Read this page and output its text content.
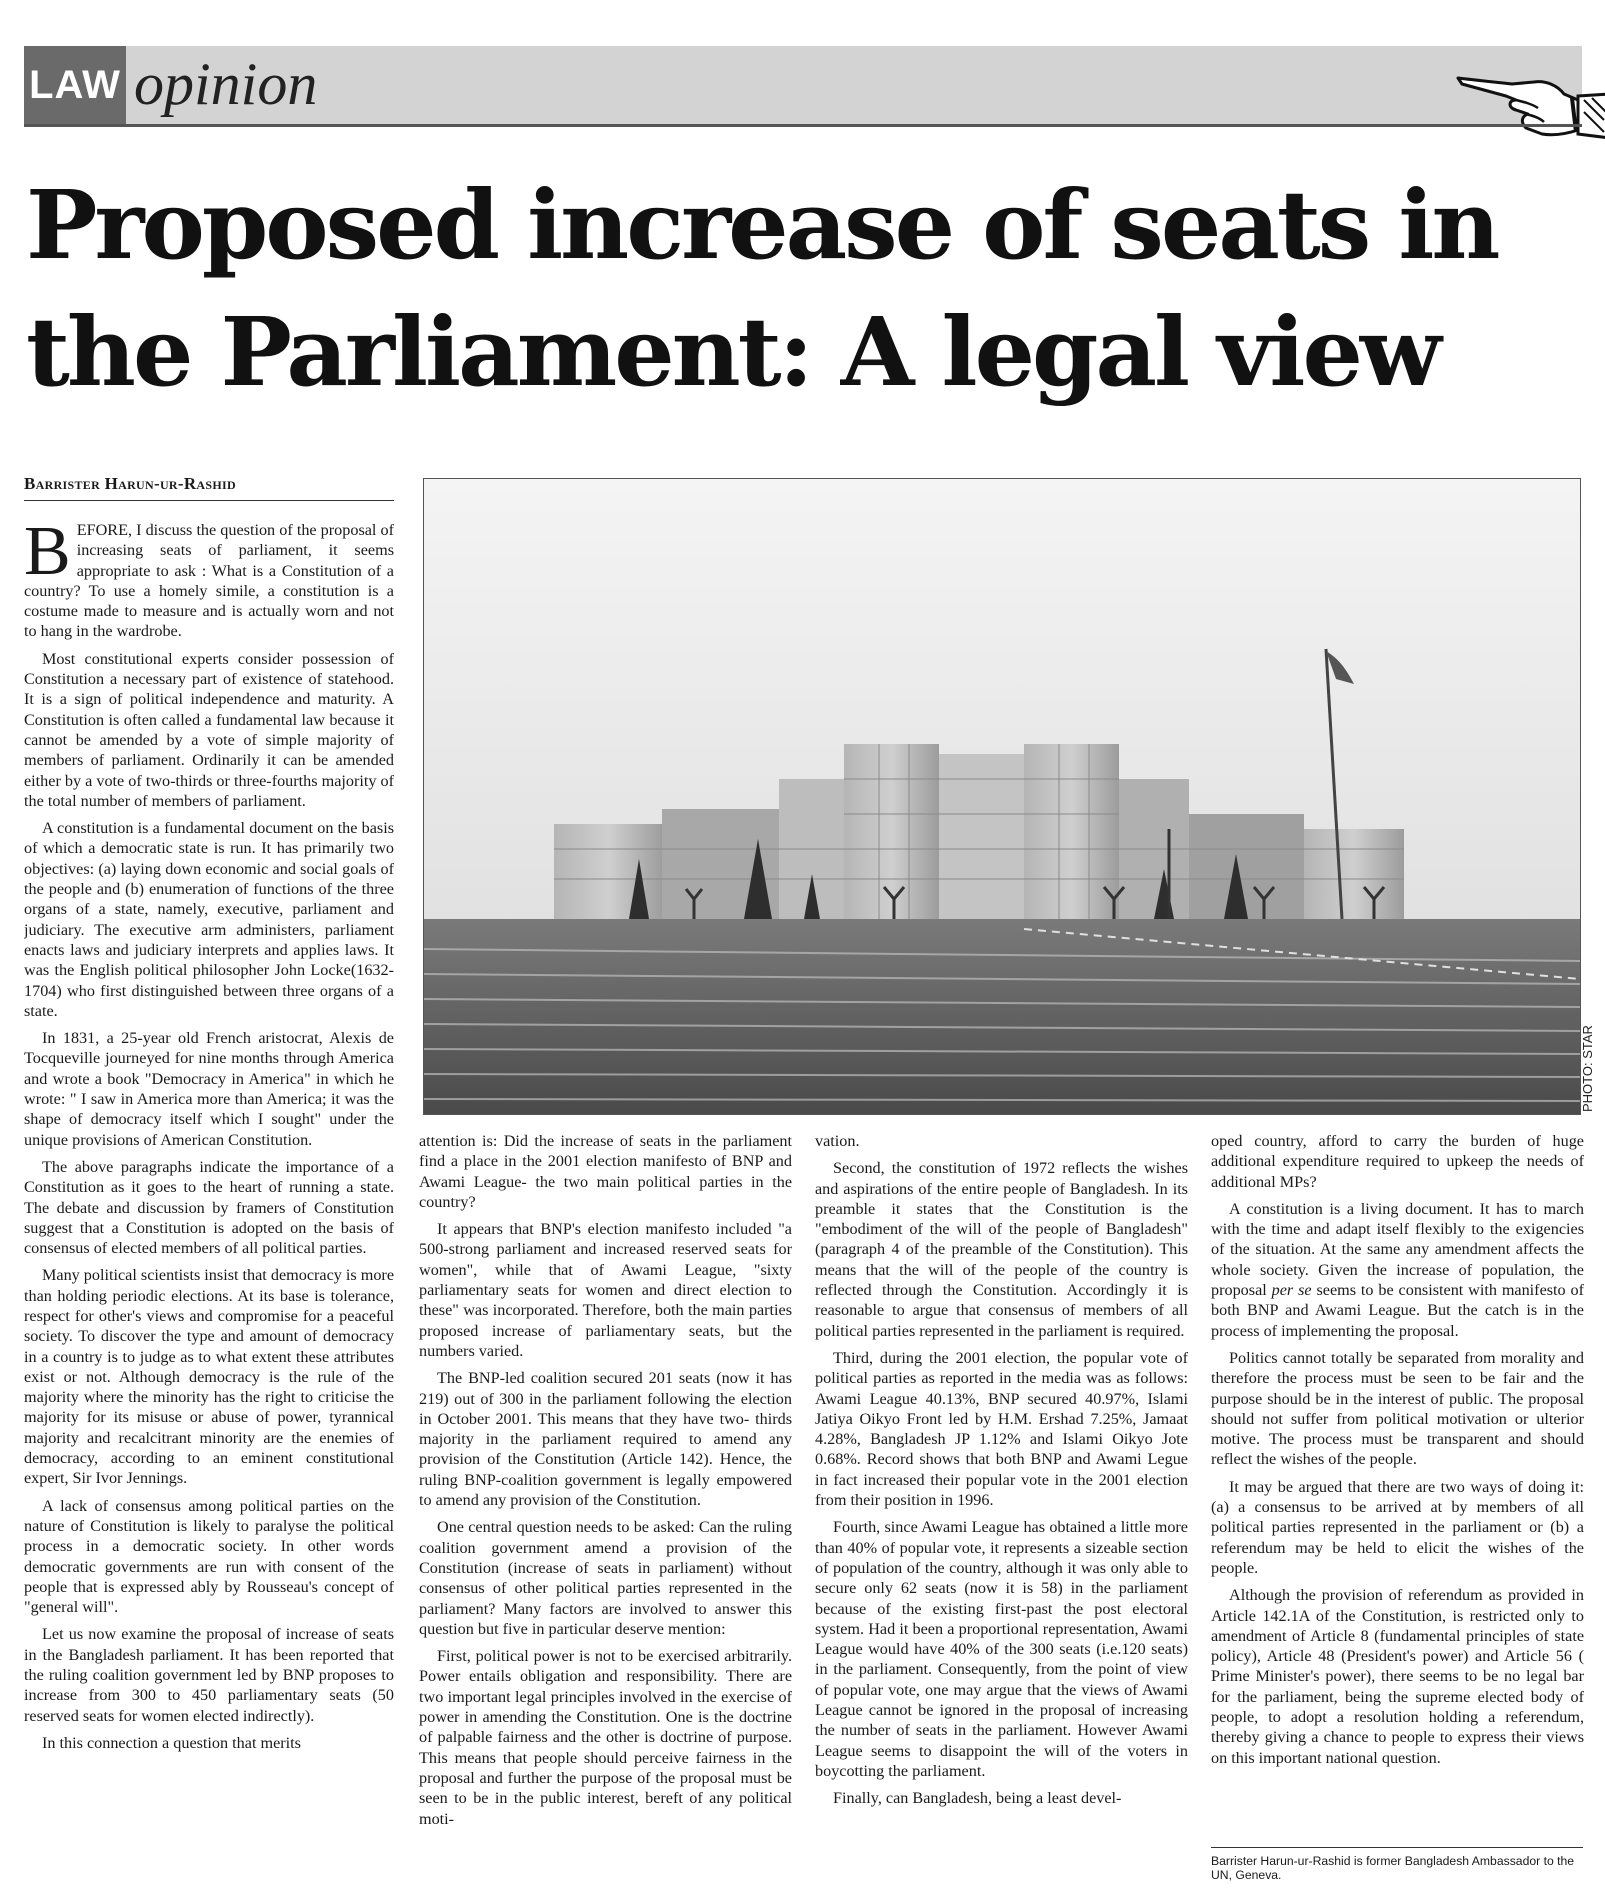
LAW opinion
Proposed increase of seats in the Parliament: A legal view
Barrister Harun-ur-Rashid

BEFORE, I discuss the question of the proposal of increasing seats of parliament, it seems appropriate to ask : What is a Constitution of a country? To use a homely simile, a constitution is a costume made to measure and is actually worn and not to hang in the wardrobe.

Most constitutional experts consider possession of Constitution a necessary part of existence of statehood. It is a sign of political independence and maturity. A Constitution is often called a fundamental law because it cannot be amended by a vote of simple majority of members of parliament. Ordinarily it can be amended either by a vote of two-thirds or three-fourths majority of the total number of members of parliament.

A constitution is a fundamental document on the basis of which a democratic state is run. It has primarily two objectives: (a) laying down economic and social goals of the people and (b) enumeration of functions of the three organs of a state, namely, executive, parliament and judiciary. The executive arm administers, parliament enacts laws and judiciary interprets and applies laws. It was the English political philosopher John Locke(1632-1704) who first distinguished between three organs of a state.

In 1831, a 25-year old French aristocrat, Alexis de Tocqueville journeyed for nine months through America and wrote a book "Democracy in America" in which he wrote: " I saw in America more than America; it was the shape of democracy itself which I sought" under the unique provisions of American Constitution.

The above paragraphs indicate the importance of a Constitution as it goes to the heart of running a state. The debate and discussion by framers of Constitution suggest that a Constitution is adopted on the basis of consensus of elected members of all political parties.

Many political scientists insist that democracy is more than holding periodic elections. At its base is tolerance, respect for other's views and compromise for a peaceful society. To discover the type and amount of democracy in a country is to judge as to what extent these attributes exist or not. Although democracy is the rule of the majority where the minority has the right to criticise the majority for its misuse or abuse of power, tyrannical majority and recalcitrant minority are the enemies of democracy, according to an eminent constitutional expert, Sir Ivor Jennings.

A lack of consensus among political parties on the nature of Constitution is likely to paralyse the political process in a democratic society. In other words democratic governments are run with consent of the people that is expressed ably by Rousseau's concept of "general will".

Let us now examine the proposal of increase of seats in the Bangladesh parliament. It has been reported that the ruling coalition government led by BNP proposes to increase from 300 to 450 parliamentary seats (50 reserved seats for women elected indirectly).

In this connection a question that merits

PHOTO: STAR

attention is: Did the increase of seats in the parliament find a place in the 2001 election manifesto of BNP and Awami League- the two main political parties in the country?

It appears that BNP's election manifesto included "a 500-strong parliament and increased reserved seats for women", while that of Awami League, "sixty parliamentary seats for women and direct election to these" was incorporated. Therefore, both the main parties proposed increase of parliamentary seats, but the numbers varied.

The BNP-led coalition secured 201 seats (now it has 219) out of 300 in the parliament following the election in October 2001. This means that they have two- thirds majority in the parliament required to amend any provision of the Constitution (Article 142). Hence, the ruling BNP-coalition government is legally empowered to amend any provision of the Constitution.

One central question needs to be asked: Can the ruling coalition government amend a provision of the Constitution (increase of seats in parliament) without consensus of other political parties represented in the parliament? Many factors are involved to answer this question but five in particular deserve mention:

First, political power is not to be exercised arbitrarily. Power entails obligation and responsibility. There are two important legal principles involved in the exercise of power in amending the Constitution. One is the doctrine of palpable fairness and the other is doctrine of purpose. This means that people should perceive fairness in the proposal and further the purpose of the proposal must be seen to be in the public interest, bereft of any political moti-

vation.

Second, the constitution of 1972 reflects the wishes and aspirations of the entire people of Bangladesh. In its preamble it states that the Constitution is the "embodiment of the will of the people of Bangladesh" (paragraph 4 of the preamble of the Constitution). This means that the will of the people of the country is reflected through the Constitution. Accordingly it is reasonable to argue that consensus of members of all political parties represented in the parliament is required.

Third, during the 2001 election, the popular vote of political parties as reported in the media was as follows: Awami League 40.13%, BNP secured 40.97%, Islami Jatiya Oikyo Front led by H.M. Ershad 7.25%, Jamaat 4.28%, Bangladesh JP 1.12% and Islami Oikyo Jote 0.68%. Record shows that both BNP and Awami Legue in fact increased their popular vote in the 2001 election from their position in 1996.

Fourth, since Awami League has obtained a little more than 40% of popular vote, it represents a sizeable section of population of the country, although it was only able to secure only 62 seats (now it is 58) in the parliament because of the existing first-past the post electoral system. Had it been a proportional representation, Awami League would have 40% of the 300 seats (i.e.120 seats) in the parliament. Consequently, from the point of view of popular vote, one may argue that the views of Awami League cannot be ignored in the proposal of increasing the number of seats in the parliament. However Awami League seems to disappoint the will of the voters in boycotting the parliament.

Finally, can Bangladesh, being a least devel-

oped country, afford to carry the burden of huge additional expenditure required to upkeep the needs of additional MPs?

A constitution is a living document. It has to march with the time and adapt itself flexibly to the exigencies of the situation. At the same any amendment affects the whole society. Given the increase of population, the proposal per se seems to be consistent with manifesto of both BNP and Awami League. But the catch is in the process of implementing the proposal.

Politics cannot totally be separated from morality and therefore the process must be seen to be fair and the purpose should be in the interest of public. The proposal should not suffer from political motivation or ulterior motive. The process must be transparent and should reflect the wishes of the people.

It may be argued that there are two ways of doing it: (a) a consensus to be arrived at by members of all political parties represented in the parliament or (b) a referendum may be held to elicit the wishes of the people.

Although the provision of referendum as provided in Article 142.1A of the Constitution, is restricted only to amendment of Article 8 (fundamental principles of state policy), Article 48 (President's power) and Article 56 ( Prime Minister's power), there seems to be no legal bar for the parliament, being the supreme elected body of people, to adopt a resolution holding a referendum, thereby giving a chance to people to express their views on this important national question.

Barrister Harun-ur-Rashid is former Bangladesh Ambassador to the UN, Geneva.
